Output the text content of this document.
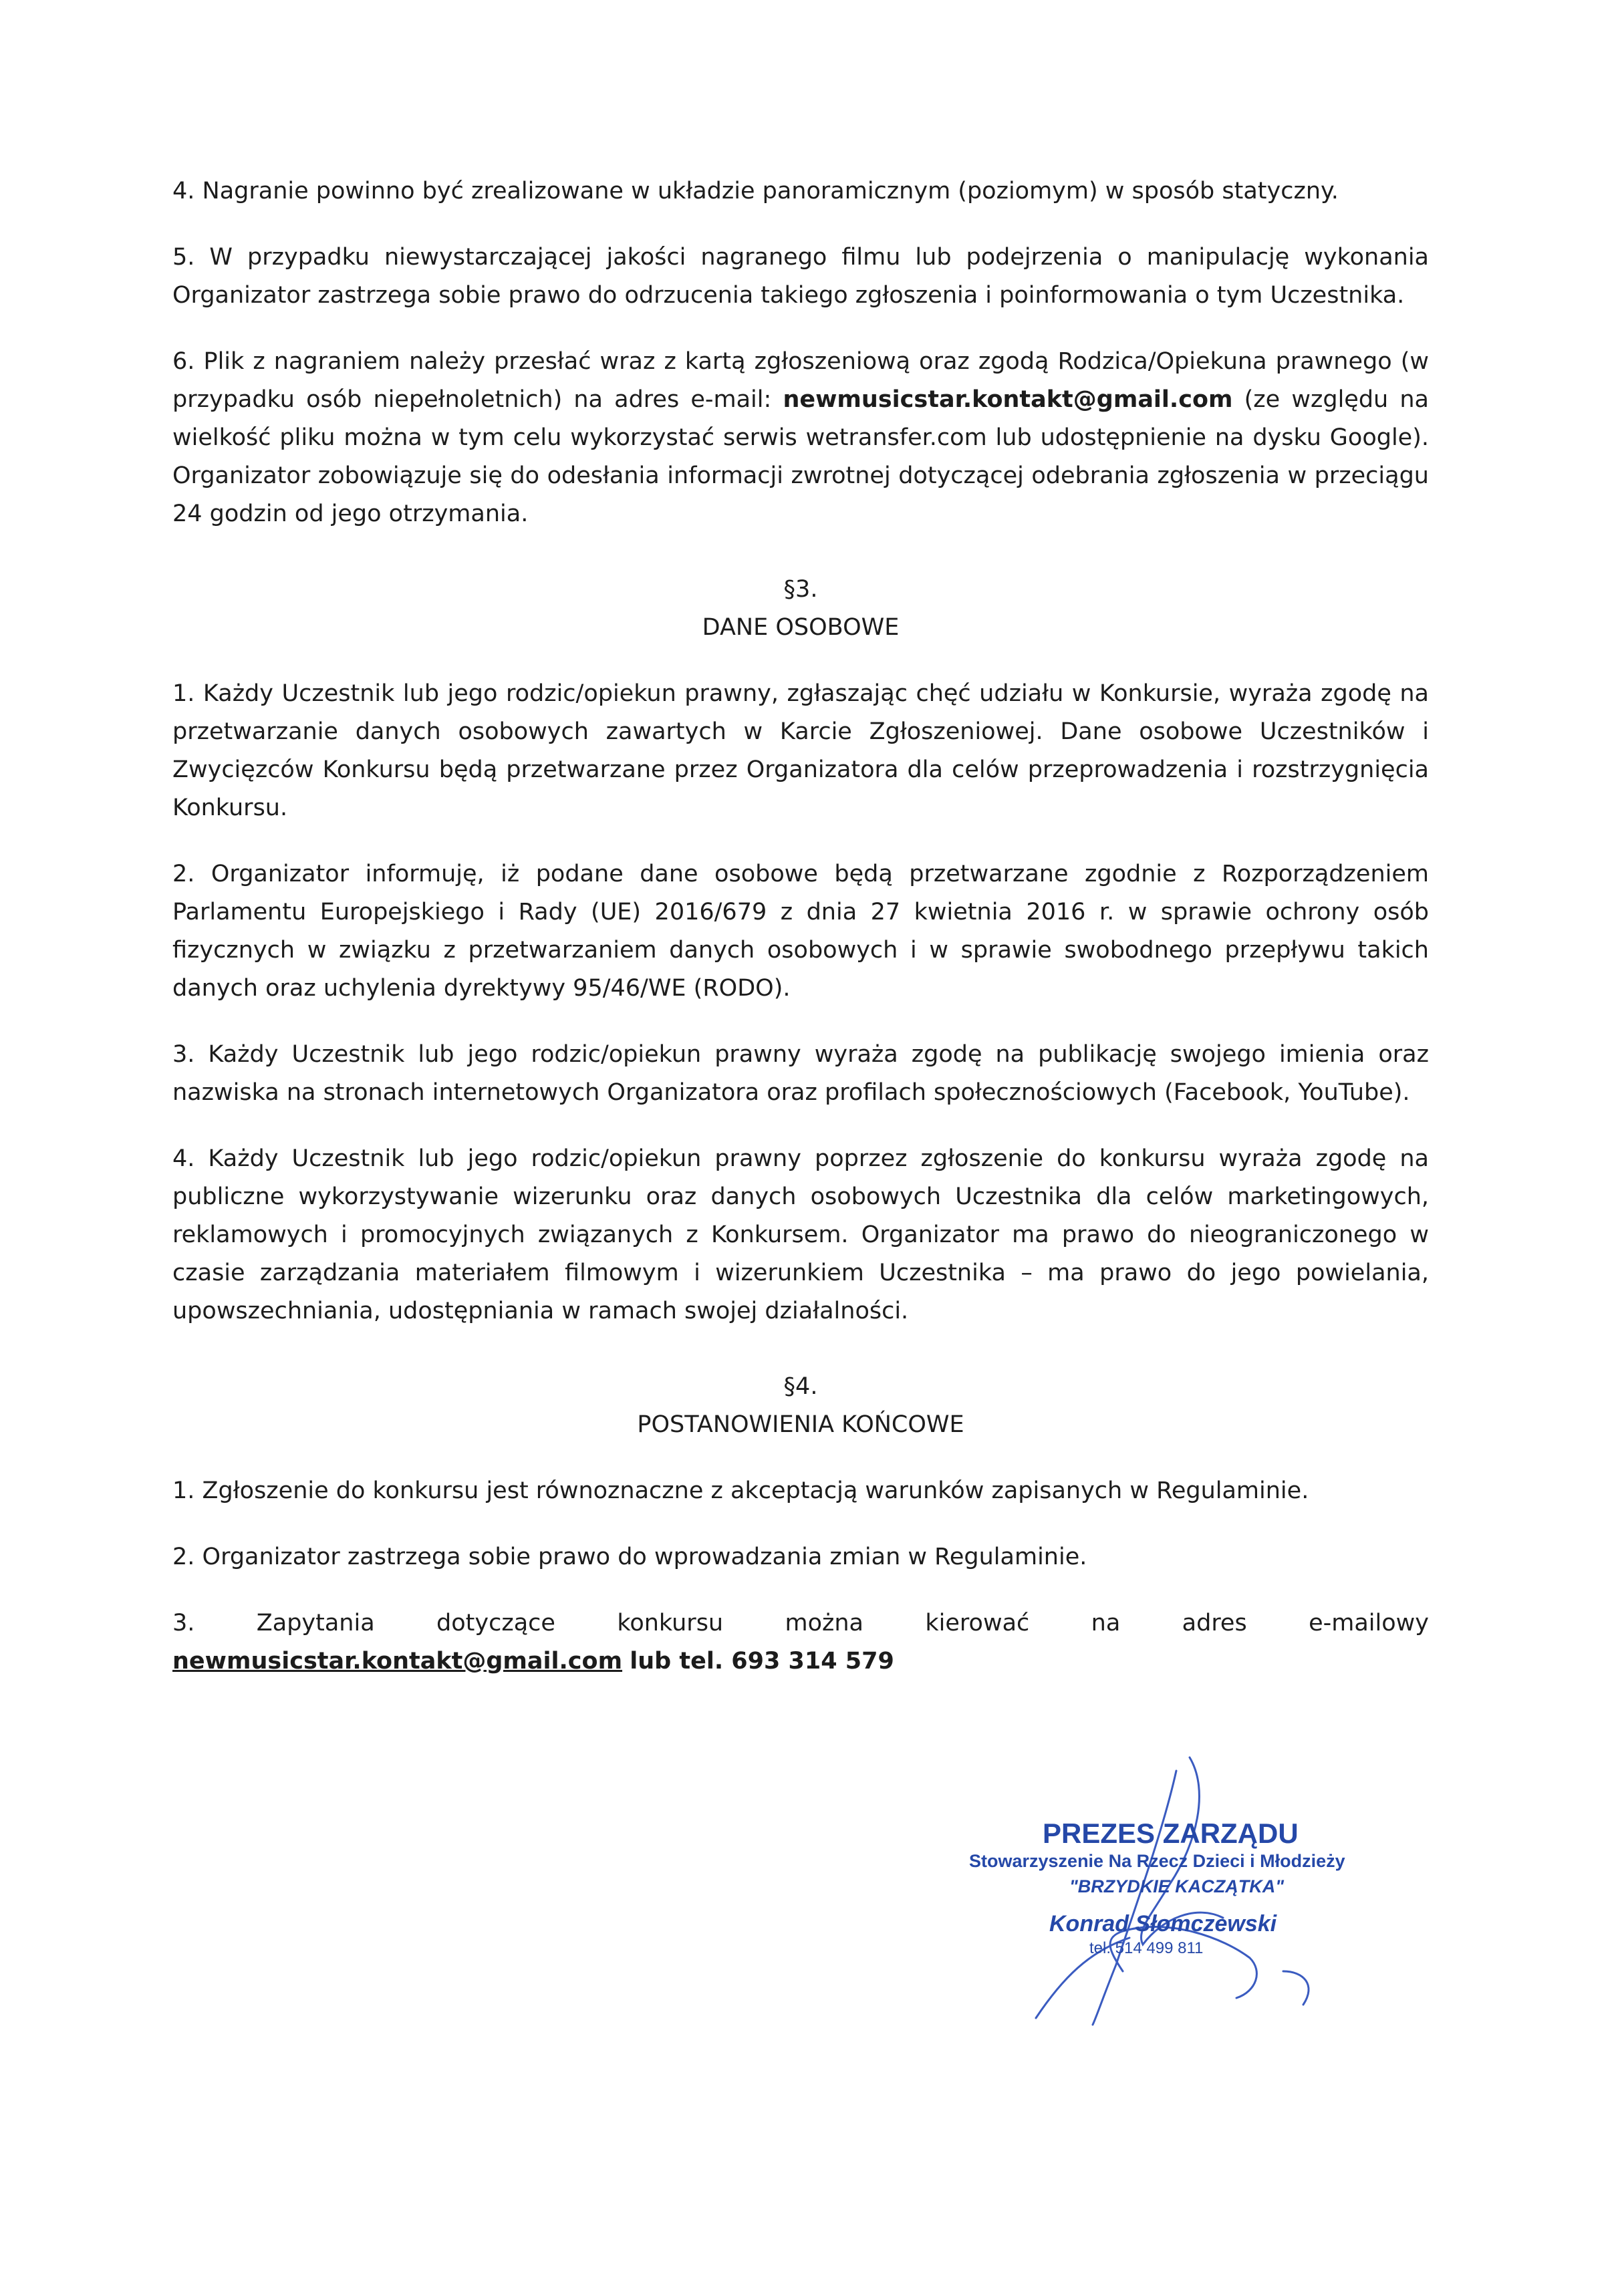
4. Nagranie powinno być zrealizowane w układzie panoramicznym (poziomym) w sposób statyczny.

5. W przypadku niewystarczającej jakości nagranego filmu lub podejrzenia o manipulację wykonania Organizator zastrzega sobie prawo do odrzucenia takiego zgłoszenia i poinformowania o tym Uczestnika.

6. Plik z nagraniem należy przesłać wraz z kartą zgłoszeniową oraz zgodą Rodzica/Opiekuna prawnego (w przypadku osób niepełnoletnich) na adres e-mail: newmusicstar.kontakt@gmail.com (ze względu na wielkość pliku można w tym celu wykorzystać serwis wetransfer.com lub udostępnienie na dysku Google). Organizator zobowiązuje się do odesłania informacji zwrotnej dotyczącej odebrania zgłoszenia w przeciągu 24 godzin od jego otrzymania.

§3.
DANE OSOBOWE

1. Każdy Uczestnik lub jego rodzic/opiekun prawny, zgłaszając chęć udziału w Konkursie, wyraża zgodę na przetwarzanie danych osobowych zawartych w Karcie Zgłoszeniowej. Dane osobowe Uczestników i Zwycięzców Konkursu będą przetwarzane przez Organizatora dla celów przeprowadzenia i rozstrzygnięcia Konkursu.

2. Organizator informuję, iż podane dane osobowe będą przetwarzane zgodnie z Rozporządzeniem Parlamentu Europejskiego i Rady (UE) 2016/679 z dnia 27 kwietnia 2016 r. w sprawie ochrony osób fizycznych w związku z przetwarzaniem danych osobowych i w sprawie swobodnego przepływu takich danych oraz uchylenia dyrektywy 95/46/WE (RODO).

3. Każdy Uczestnik lub jego rodzic/opiekun prawny wyraża zgodę na publikację swojego imienia oraz nazwiska na stronach internetowych Organizatora oraz profilach społecznościowych (Facebook, YouTube).

4. Każdy Uczestnik lub jego rodzic/opiekun prawny poprzez zgłoszenie do konkursu wyraża zgodę na publiczne wykorzystywanie wizerunku oraz danych osobowych Uczestnika dla celów marketingowych, reklamowych i promocyjnych związanych z Konkursem. Organizator ma prawo do nieograniczonego w czasie zarządzania materiałem filmowym i wizerunkiem Uczestnika – ma prawo do jego powielania, upowszechniania, udostępniania w ramach swojej działalności.

§4.
POSTANOWIENIA KOŃCOWE

1. Zgłoszenie do konkursu jest równoznaczne z akceptacją warunków zapisanych w Regulaminie.

2. Organizator zastrzega sobie prawo do wprowadzania zmian w Regulaminie.

3. Zapytania dotyczące konkursu można kierować na adres e-mailowy newmusicstar.kontakt@gmail.com lub tel. 693 314 579

PREZES ZARZĄDU
Stowarzyszenie Na Rzecz Dzieci i Młodzieży
"BRZYDKIE KACZĄTKA"
Konrad Słomczewski
tel. 514 499 811
